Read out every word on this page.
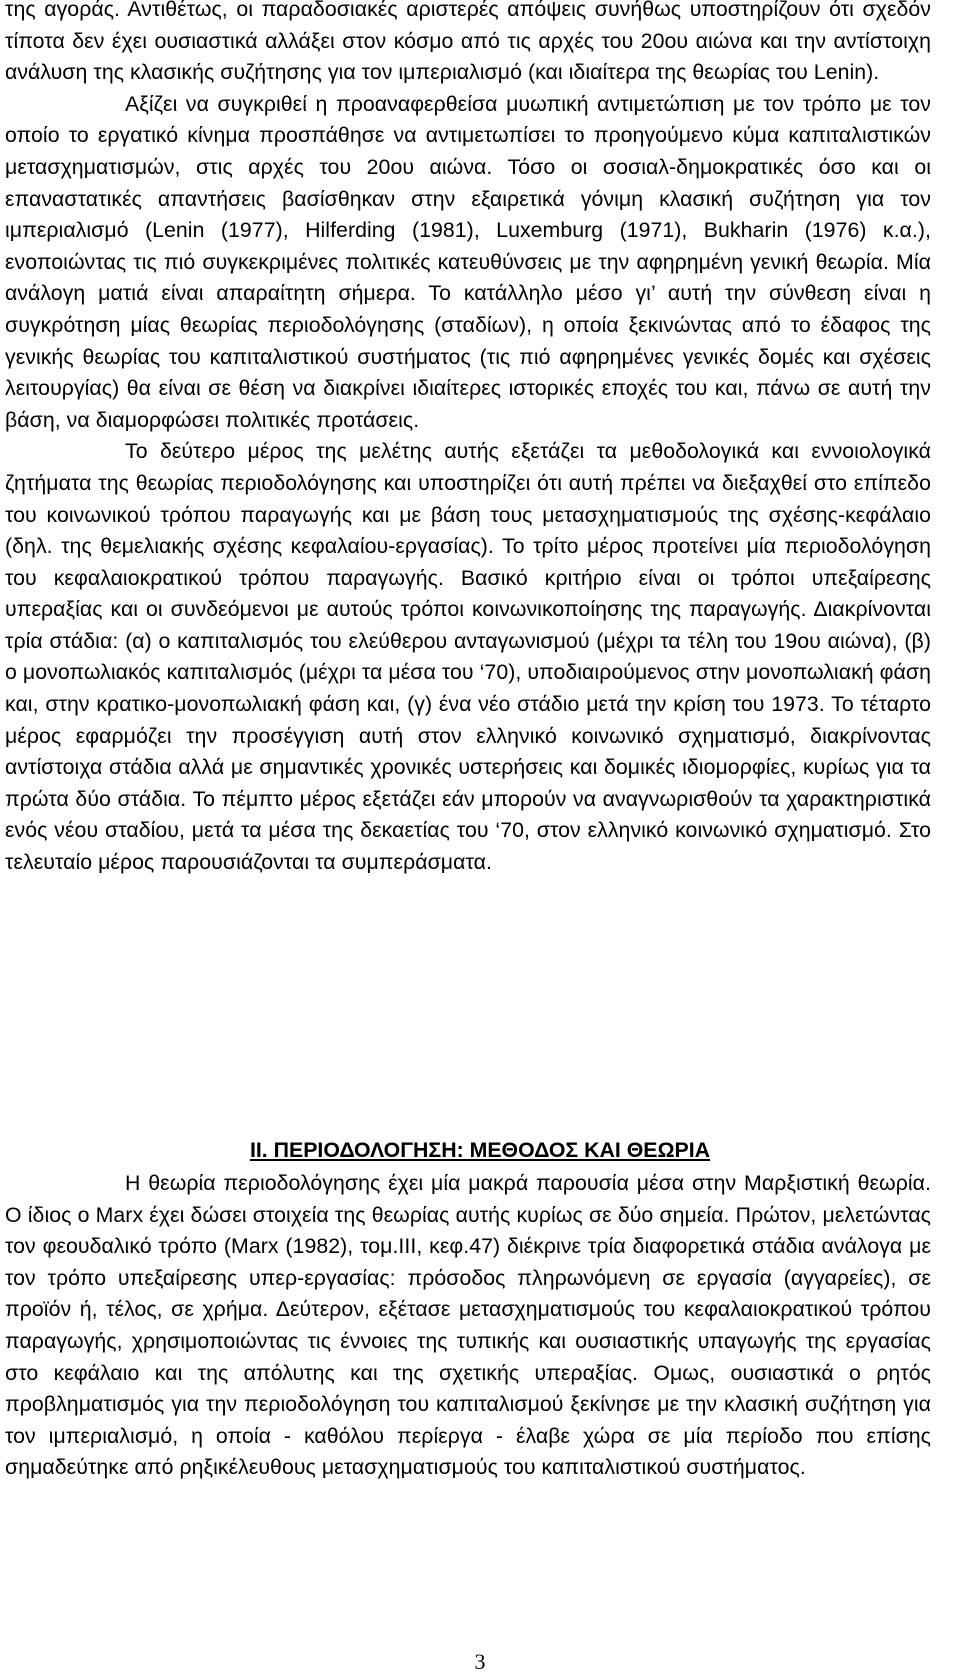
της αγοράς. Αντιθέτως, οι παραδοσιακές αριστερές απόψεις συνήθως υποστηρίζουν ότι σχεδόν τίποτα δεν έχει ουσιαστικά αλλάξει στον κόσμο από τις αρχές του 20ου αιώνα και την αντίστοιχη ανάλυση της κλασικής συζήτησης για τον ιμπεριαλισμό (και ιδιαίτερα της θεωρίας του Lenin).

Αξίζει να συγκριθεί η προαναφερθείσα μυωπική αντιμετώπιση με τον τρόπο με τον οποίο το εργατικό κίνημα προσπάθησε να αντιμετωπίσει το προηγούμενο κύμα καπιταλιστικών μετασχηματισμών, στις αρχές του 20ου αιώνα. Τόσο οι σοσιαλ-δημοκρατικές όσο και οι επαναστατικές απαντήσεις βασίσθηκαν στην εξαιρετικά γόνιμη κλασική συζήτηση για τον ιμπεριαλισμό (Lenin (1977), Hilferding (1981), Luxemburg (1971), Bukharin (1976) κ.α.), ενοποιώντας τις πιό συγκεκριμένες πολιτικές κατευθύνσεις με την αφηρημένη γενική θεωρία. Μία ανάλογη ματιά είναι απαραίτητη σήμερα. Το κατάλληλο μέσο γι’ αυτή την σύνθεση είναι η συγκρότηση μίας θεωρίας περιοδολόγησης (σταδίων), η οποία ξεκινώντας από το έδαφος της γενικής θεωρίας του καπιταλιστικού συστήματος (τις πιό αφηρημένες γενικές δομές και σχέσεις λειτουργίας) θα είναι σε θέση να διακρίνει ιδιαίτερες ιστορικές εποχές του και, πάνω σε αυτή την βάση, να διαμορφώσει πολιτικές προτάσεις.

Το δεύτερο μέρος της μελέτης αυτής εξετάζει τα μεθοδολογικά και εννοιολογικά ζητήματα της θεωρίας περιοδολόγησης και υποστηρίζει ότι αυτή πρέπει να διεξαχθεί στο επίπεδο του κοινωνικού τρόπου παραγωγής και με βάση τους μετασχηματισμούς της σχέσης-κεφάλαιο (δηλ. της θεμελιακής σχέσης κεφαλαίου-εργασίας). Το τρίτο μέρος προτείνει μία περιοδολόγηση του κεφαλαιοκρατικού τρόπου παραγωγής. Βασικό κριτήριο είναι οι τρόποι υπεξαίρεσης υπεραξίας και οι συνδεόμενοι με αυτούς τρόποι κοινωνικοποίησης της παραγωγής. Διακρίνονται τρία στάδια: (α) ο καπιταλισμός του ελεύθερου ανταγωνισμού (μέχρι τα τέλη του 19ου αιώνα), (β) ο μονοπωλιακός καπιταλισμός (μέχρι τα μέσα του ‘70), υποδιαιρούμενος στην μονοπωλιακή φάση και, στην κρατικο-μονοπωλιακή φάση και, (γ) ένα νέο στάδιο μετά την κρίση του 1973. Το τέταρτο μέρος εφαρμόζει την προσέγγιση αυτή στον ελληνικό κοινωνικό σχηματισμό, διακρίνοντας αντίστοιχα στάδια αλλά με σημαντικές χρονικές υστερήσεις και δομικές ιδιομορφίες, κυρίως για τα πρώτα δύο στάδια. Το πέμπτο μέρος εξετάζει εάν μπορούν να αναγνωρισθούν τα χαρακτηριστικά ενός νέου σταδίου, μετά τα μέσα της δεκαετίας του ‘70, στον ελληνικό κοινωνικό σχηματισμό. Στο τελευταίο μέρος παρουσιάζονται τα συμπεράσματα.

ΙΙ. ΠΕΡΙΟΔΟΛΟΓΗΣΗ: ΜΕΘΟΔΟΣ ΚΑΙ ΘΕΩΡΙΑ

Η θεωρία περιοδολόγησης έχει μία μακρά παρουσία μέσα στην Μαρξιστική θεωρία. Ο ίδιος ο Marx έχει δώσει στοιχεία της θεωρίας αυτής κυρίως σε δύο σημεία. Πρώτον, μελετώντας τον φεουδαλικό τρόπο (Marx (1982), τομ.ΙΙΙ, κεφ.47) διέκρινε τρία διαφορετικά στάδια ανάλογα με τον τρόπο υπεξαίρεσης υπερ-εργασίας: πρόσοδος πληρωνόμενη σε εργασία (αγγαρείες), σε προϊόν ή, τέλος, σε χρήμα. Δεύτερον, εξέτασε μετασχηματισμούς του κεφαλαιοκρατικού τρόπου παραγωγής, χρησιμοποιώντας τις έννοιες της τυπικής και ουσιαστικής υπαγωγής της εργασίας στο κεφάλαιο και της απόλυτης και της σχετικής υπεραξίας. Ομως, ουσιαστικά ο ρητός προβληματισμός για την περιοδολόγηση του καπιταλισμού ξεκίνησε με την κλασική συζήτηση για τον ιμπεριαλισμό, η οποία - καθόλου περίεργα - έλαβε χώρα σε μία περίοδο που επίσης σημαδεύτηκε από ρηξικέλευθους μετασχηματισμούς του καπιταλιστικού συστήματος.

3
